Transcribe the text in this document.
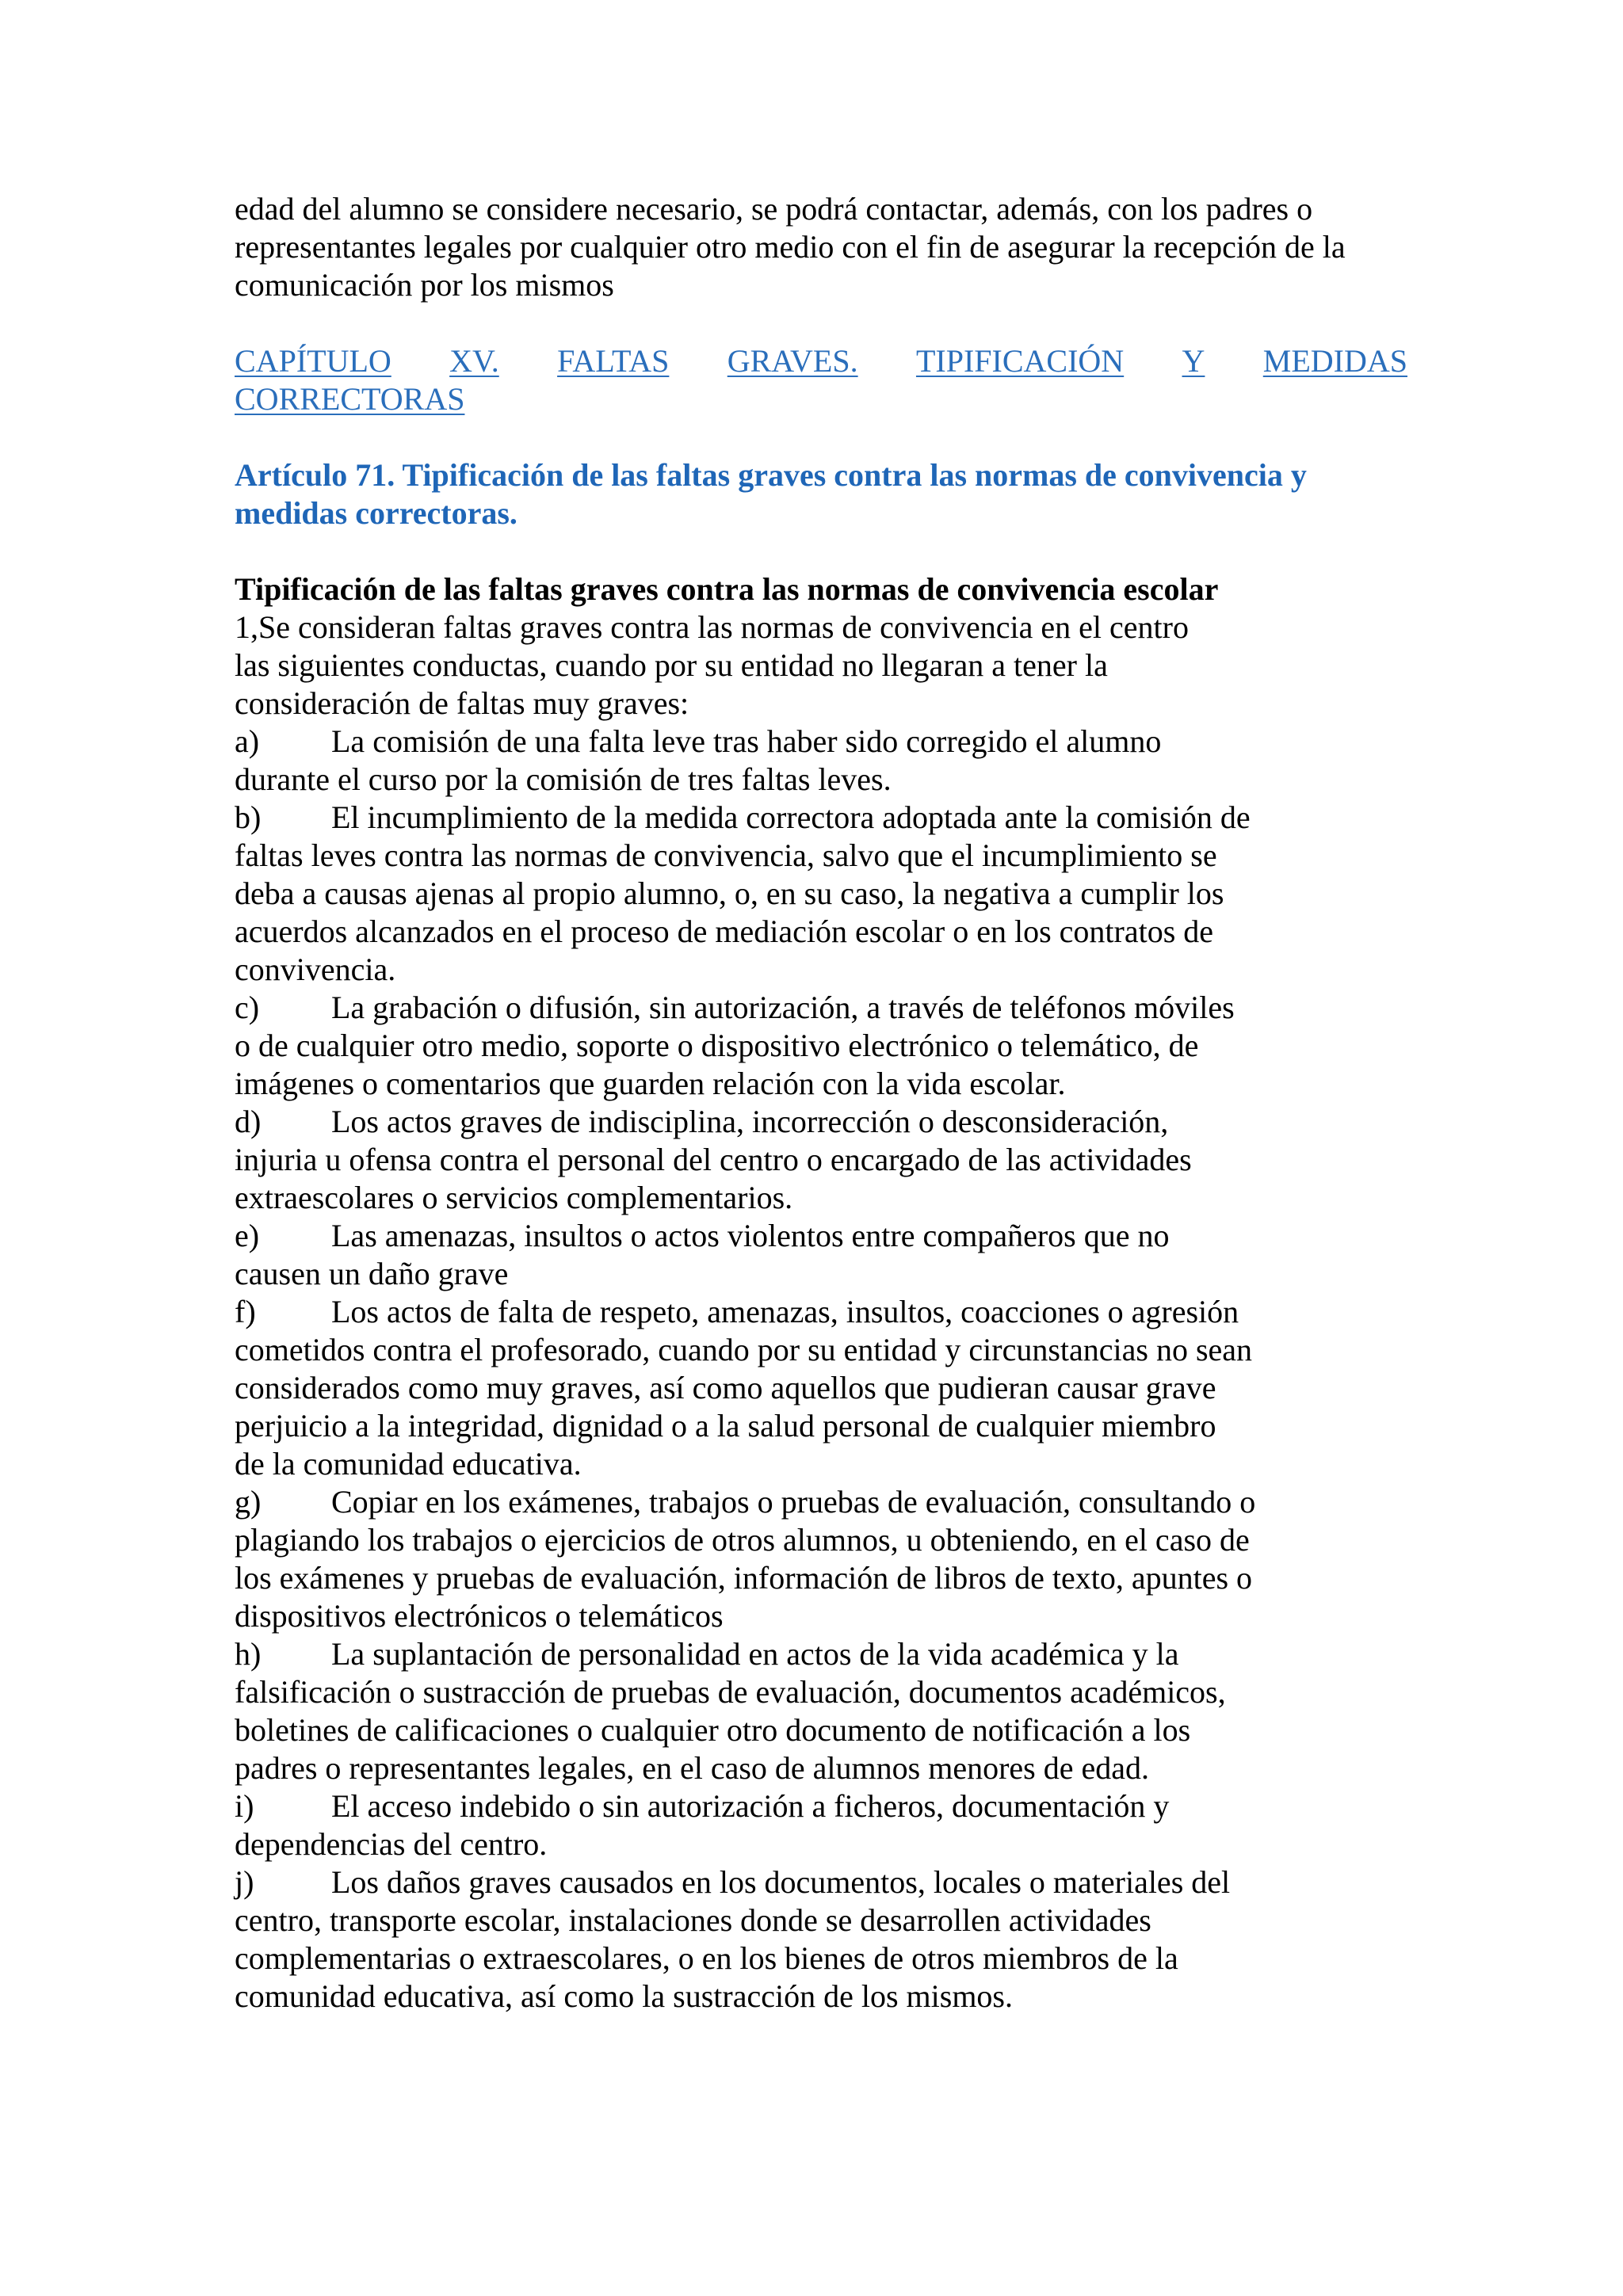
edad del alumno se considere necesario, se podrá contactar, además, con los padres o
representantes legales por cualquier otro medio con el fin de asegurar la recepción de la
comunicación por los mismos

CAPÍTULO XV. FALTAS GRAVES. TIPIFICACIÓN Y MEDIDAS
CORRECTORAS

Artículo 71. Tipificación de las faltas graves contra las normas de convivencia y
medidas correctoras.

Tipificación de las faltas graves contra las normas de convivencia escolar

1,Se consideran faltas graves contra las normas de convivencia en el centro
las siguientes conductas, cuando por su entidad no llegaran a tener la
consideración de faltas muy graves:

a) La comisión de una falta leve tras haber sido corregido el alumno
durante el curso por la comisión de tres faltas leves.

b) El incumplimiento de la medida correctora adoptada ante la comisión de
faltas leves contra las normas de convivencia, salvo que el incumplimiento se
deba a causas ajenas al propio alumno, o, en su caso, la negativa a cumplir los
acuerdos alcanzados en el proceso de mediación escolar o en los contratos de
convivencia.

c) La grabación o difusión, sin autorización, a través de teléfonos móviles
o de cualquier otro medio, soporte o dispositivo electrónico o telemático, de
imágenes o comentarios que guarden relación con la vida escolar.

d) Los actos graves de indisciplina, incorrección o desconsideración,
injuria u ofensa contra el personal del centro o encargado de las actividades
extraescolares o servicios complementarios.

e) Las amenazas, insultos o actos violentos entre compañeros que no
causen un daño grave

f) Los actos de falta de respeto, amenazas, insultos, coacciones o agresión
cometidos contra el profesorado, cuando por su entidad y circunstancias no sean
considerados como muy graves, así como aquellos que pudieran causar grave
perjuicio a la integridad, dignidad o a la salud personal de cualquier miembro
de la comunidad educativa.

g) Copiar en los exámenes, trabajos o pruebas de evaluación, consultando o
plagiando los trabajos o ejercicios de otros alumnos, u obteniendo, en el caso de
los exámenes y pruebas de evaluación, información de libros de texto, apuntes o
dispositivos electrónicos o telemáticos

h) La suplantación de personalidad en actos de la vida académica y la
falsificación o sustracción de pruebas de evaluación, documentos académicos,
boletines de calificaciones o cualquier otro documento de notificación a los
padres o representantes legales, en el caso de alumnos menores de edad.

i) El acceso indebido o sin autorización a ficheros, documentación y
dependencias del centro.

j) Los daños graves causados en los documentos, locales o materiales del
centro, transporte escolar, instalaciones donde se desarrollen actividades
complementarias o extraescolares, o en los bienes de otros miembros de la
comunidad educativa, así como la sustracción de los mismos.
